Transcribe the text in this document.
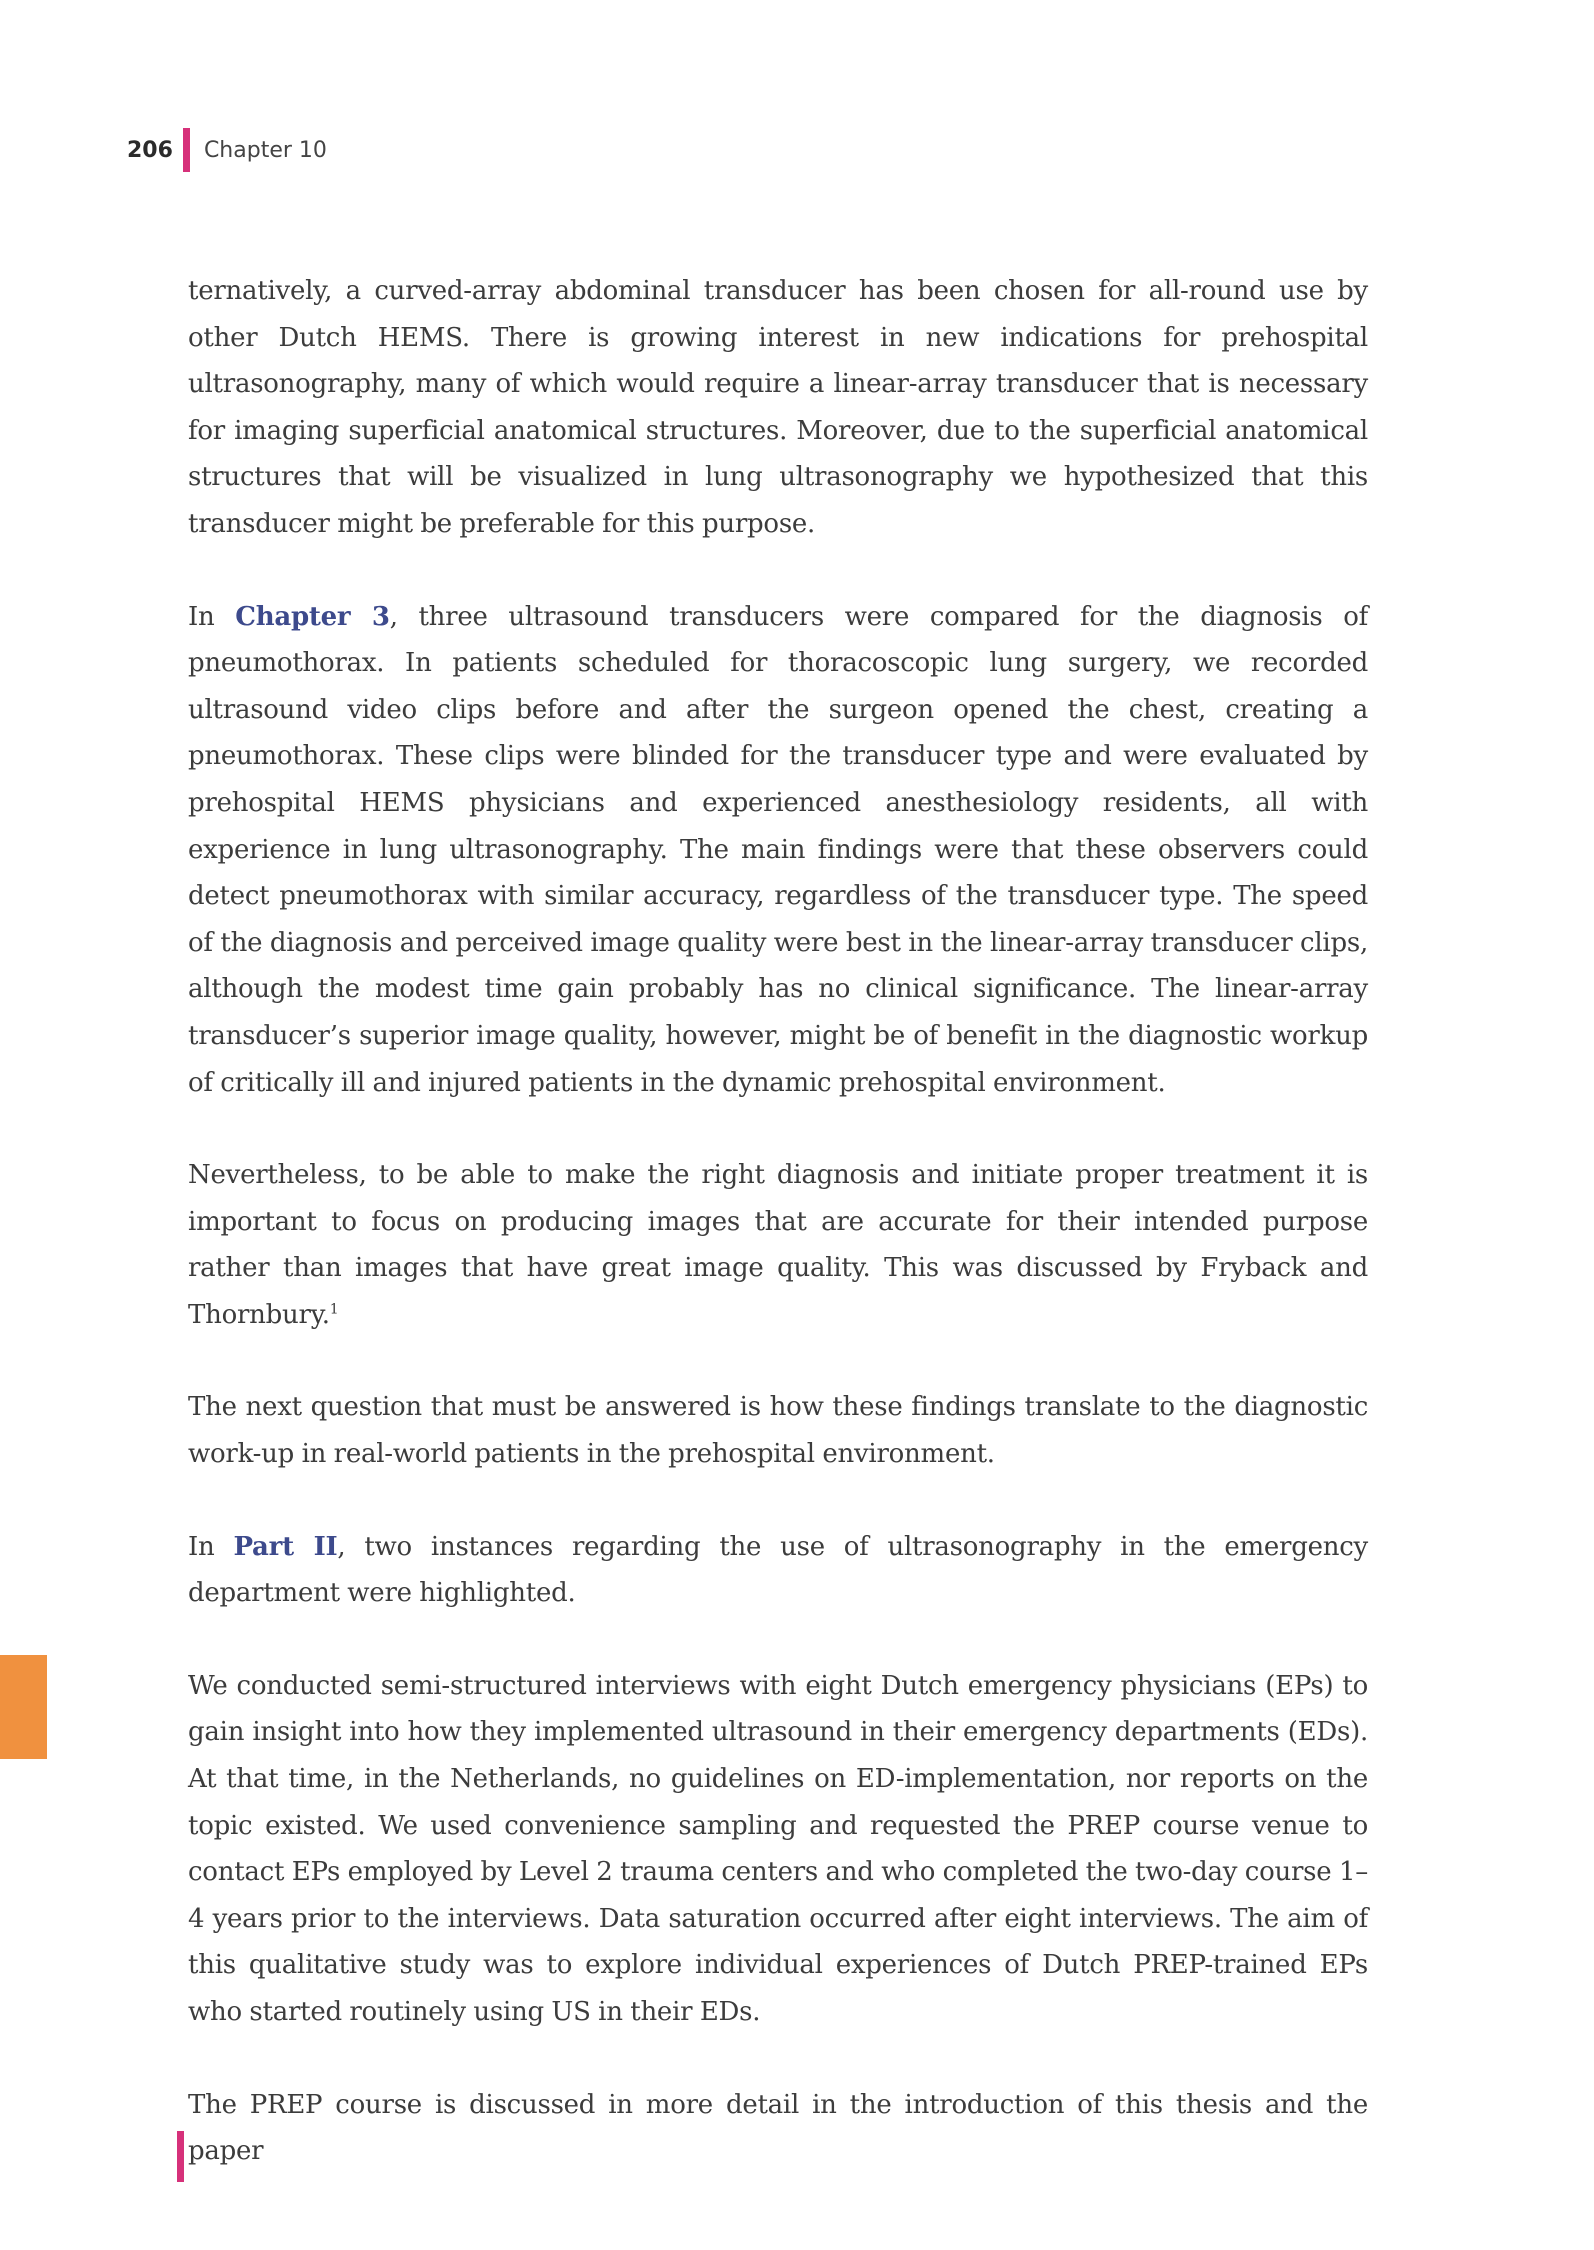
206 Chapter 10

ternatively, a curved-array abdominal transducer has been chosen for all-round use by other Dutch HEMS. There is growing interest in new indications for prehospital ultrasonography, many of which would require a linear-array transducer that is necessary for imaging superficial anatomical structures. Moreover, due to the superficial anatomical structures that will be visualized in lung ultrasonography we hypothesized that this transducer might be preferable for this purpose.

In Chapter 3, three ultrasound transducers were compared for the diagnosis of pneumothorax. In patients scheduled for thoracoscopic lung surgery, we recorded ultrasound video clips before and after the surgeon opened the chest, creating a pneumothorax. These clips were blinded for the transducer type and were evaluated by prehospital HEMS physicians and experienced anesthesiology residents, all with experience in lung ultrasonography. The main findings were that these observers could detect pneumothorax with similar accuracy, regardless of the transducer type. The speed of the diagnosis and perceived image quality were best in the linear-array transducer clips, although the modest time gain probably has no clinical significance. The linear-array transducer’s superior image quality, however, might be of benefit in the diagnostic workup of critically ill and injured patients in the dynamic prehospital environment.

Nevertheless, to be able to make the right diagnosis and initiate proper treatment it is important to focus on producing images that are accurate for their intended purpose rather than images that have great image quality. This was discussed by Fryback and Thornbury.$^1$

The next question that must be answered is how these findings translate to the diagnostic work-up in real-world patients in the prehospital environment.

In Part II, two instances regarding the use of ultrasonography in the emergency department were highlighted.

We conducted semi-structured interviews with eight Dutch emergency physicians (EPs) to gain insight into how they implemented ultrasound in their emergency departments (EDs). At that time, in the Netherlands, no guidelines on ED-implementation, nor reports on the topic existed. We used convenience sampling and requested the PREP course venue to contact EPs employed by Level 2 trauma centers and who completed the two-day course 1–4 years prior to the interviews. Data saturation occurred after eight interviews. The aim of this qualitative study was to explore individual experiences of Dutch PREP-trained EPs who started routinely using US in their EDs.

The PREP course is discussed in more detail in the introduction of this thesis and the paper
